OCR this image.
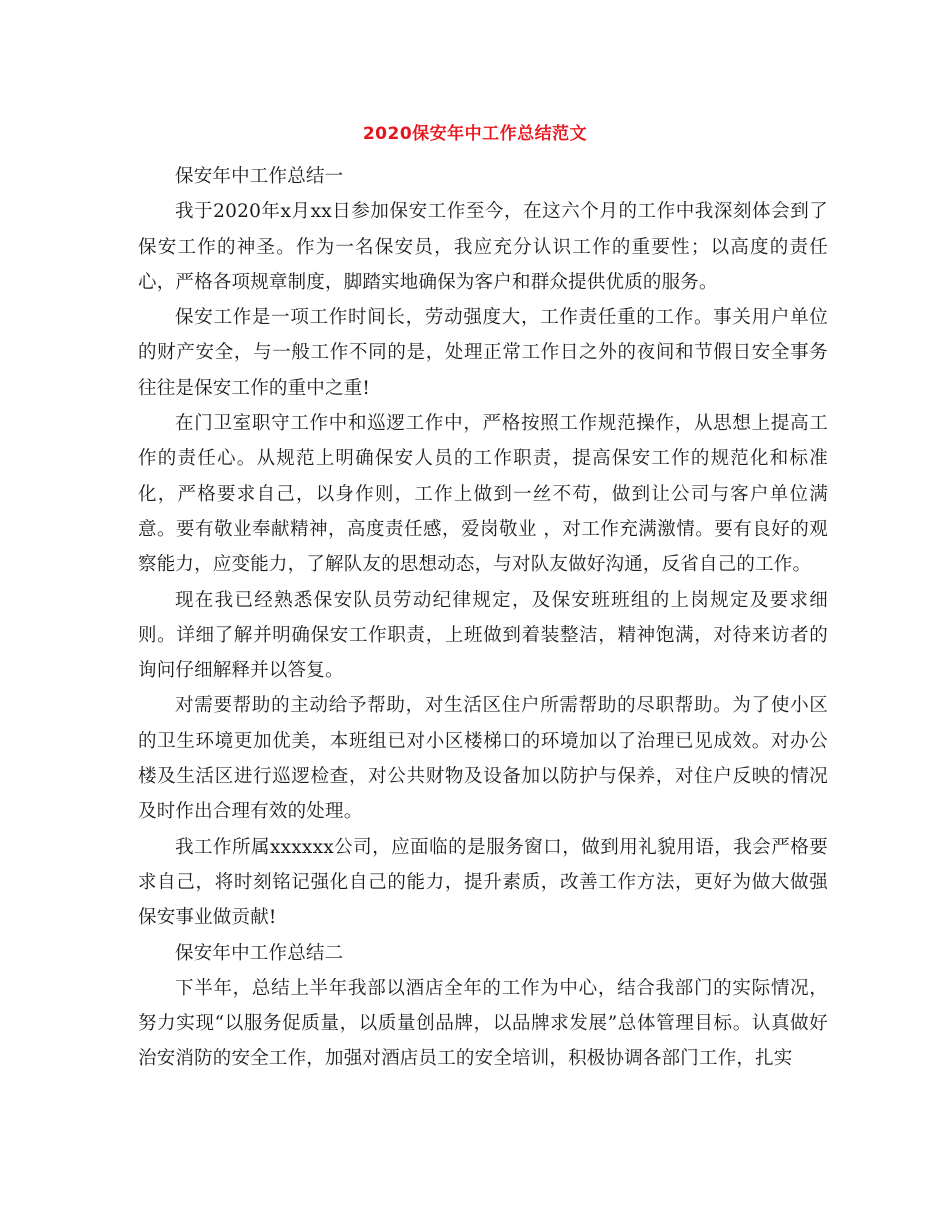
2020保安年中工作总结范文

保安年中工作总结一

我于2020年x月xx日参加保安工作至今，在这六个月的工作中我深刻体会到了保安工作的神圣。作为一名保安员，我应充分认识工作的重要性；以高度的责任心，严格各项规章制度，脚踏实地确保为客户和群众提供优质的服务。

保安工作是一项工作时间长，劳动强度大，工作责任重的工作。事关用户单位的财产安全，与一般工作不同的是，处理正常工作日之外的夜间和节假日安全事务往往是保安工作的重中之重!

在门卫室职守工作中和巡逻工作中，严格按照工作规范操作，从思想上提高工作的责任心。从规范上明确保安人员的工作职责，提高保安工作的规范化和标准化，严格要求自己，以身作则，工作上做到一丝不苟，做到让公司与客户单位满意。要有敬业奉献精神，高度责任感，爱岗敬业 ，对工作充满激情。要有良好的观察能力，应变能力，了解队友的思想动态，与对队友做好沟通，反省自己的工作。

现在我已经熟悉保安队员劳动纪律规定，及保安班班组的上岗规定及要求细则。详细了解并明确保安工作职责，上班做到着装整洁，精神饱满，对待来访者的询问仔细解释并以答复。

对需要帮助的主动给予帮助，对生活区住户所需帮助的尽职帮助。为了使小区的卫生环境更加优美，本班组已对小区楼梯口的环境加以了治理已见成效。对办公楼及生活区进行巡逻检查，对公共财物及设备加以防护与保养，对住户反映的情况及时作出合理有效的处理。

我工作所属xxxxxx公司，应面临的是服务窗口，做到用礼貌用语，我会严格要求自己，将时刻铭记强化自己的能力，提升素质，改善工作方法，更好为做大做强保安事业做贡献!

保安年中工作总结二

下半年，总结上半年我部以酒店全年的工作为中心，结合我部门的实际情况，努力实现“以服务促质量，以质量创品牌，以品牌求发展”总体管理目标。认真做好治安消防的安全工作，加强对酒店员工的安全培训，积极协调各部门工作，扎实
